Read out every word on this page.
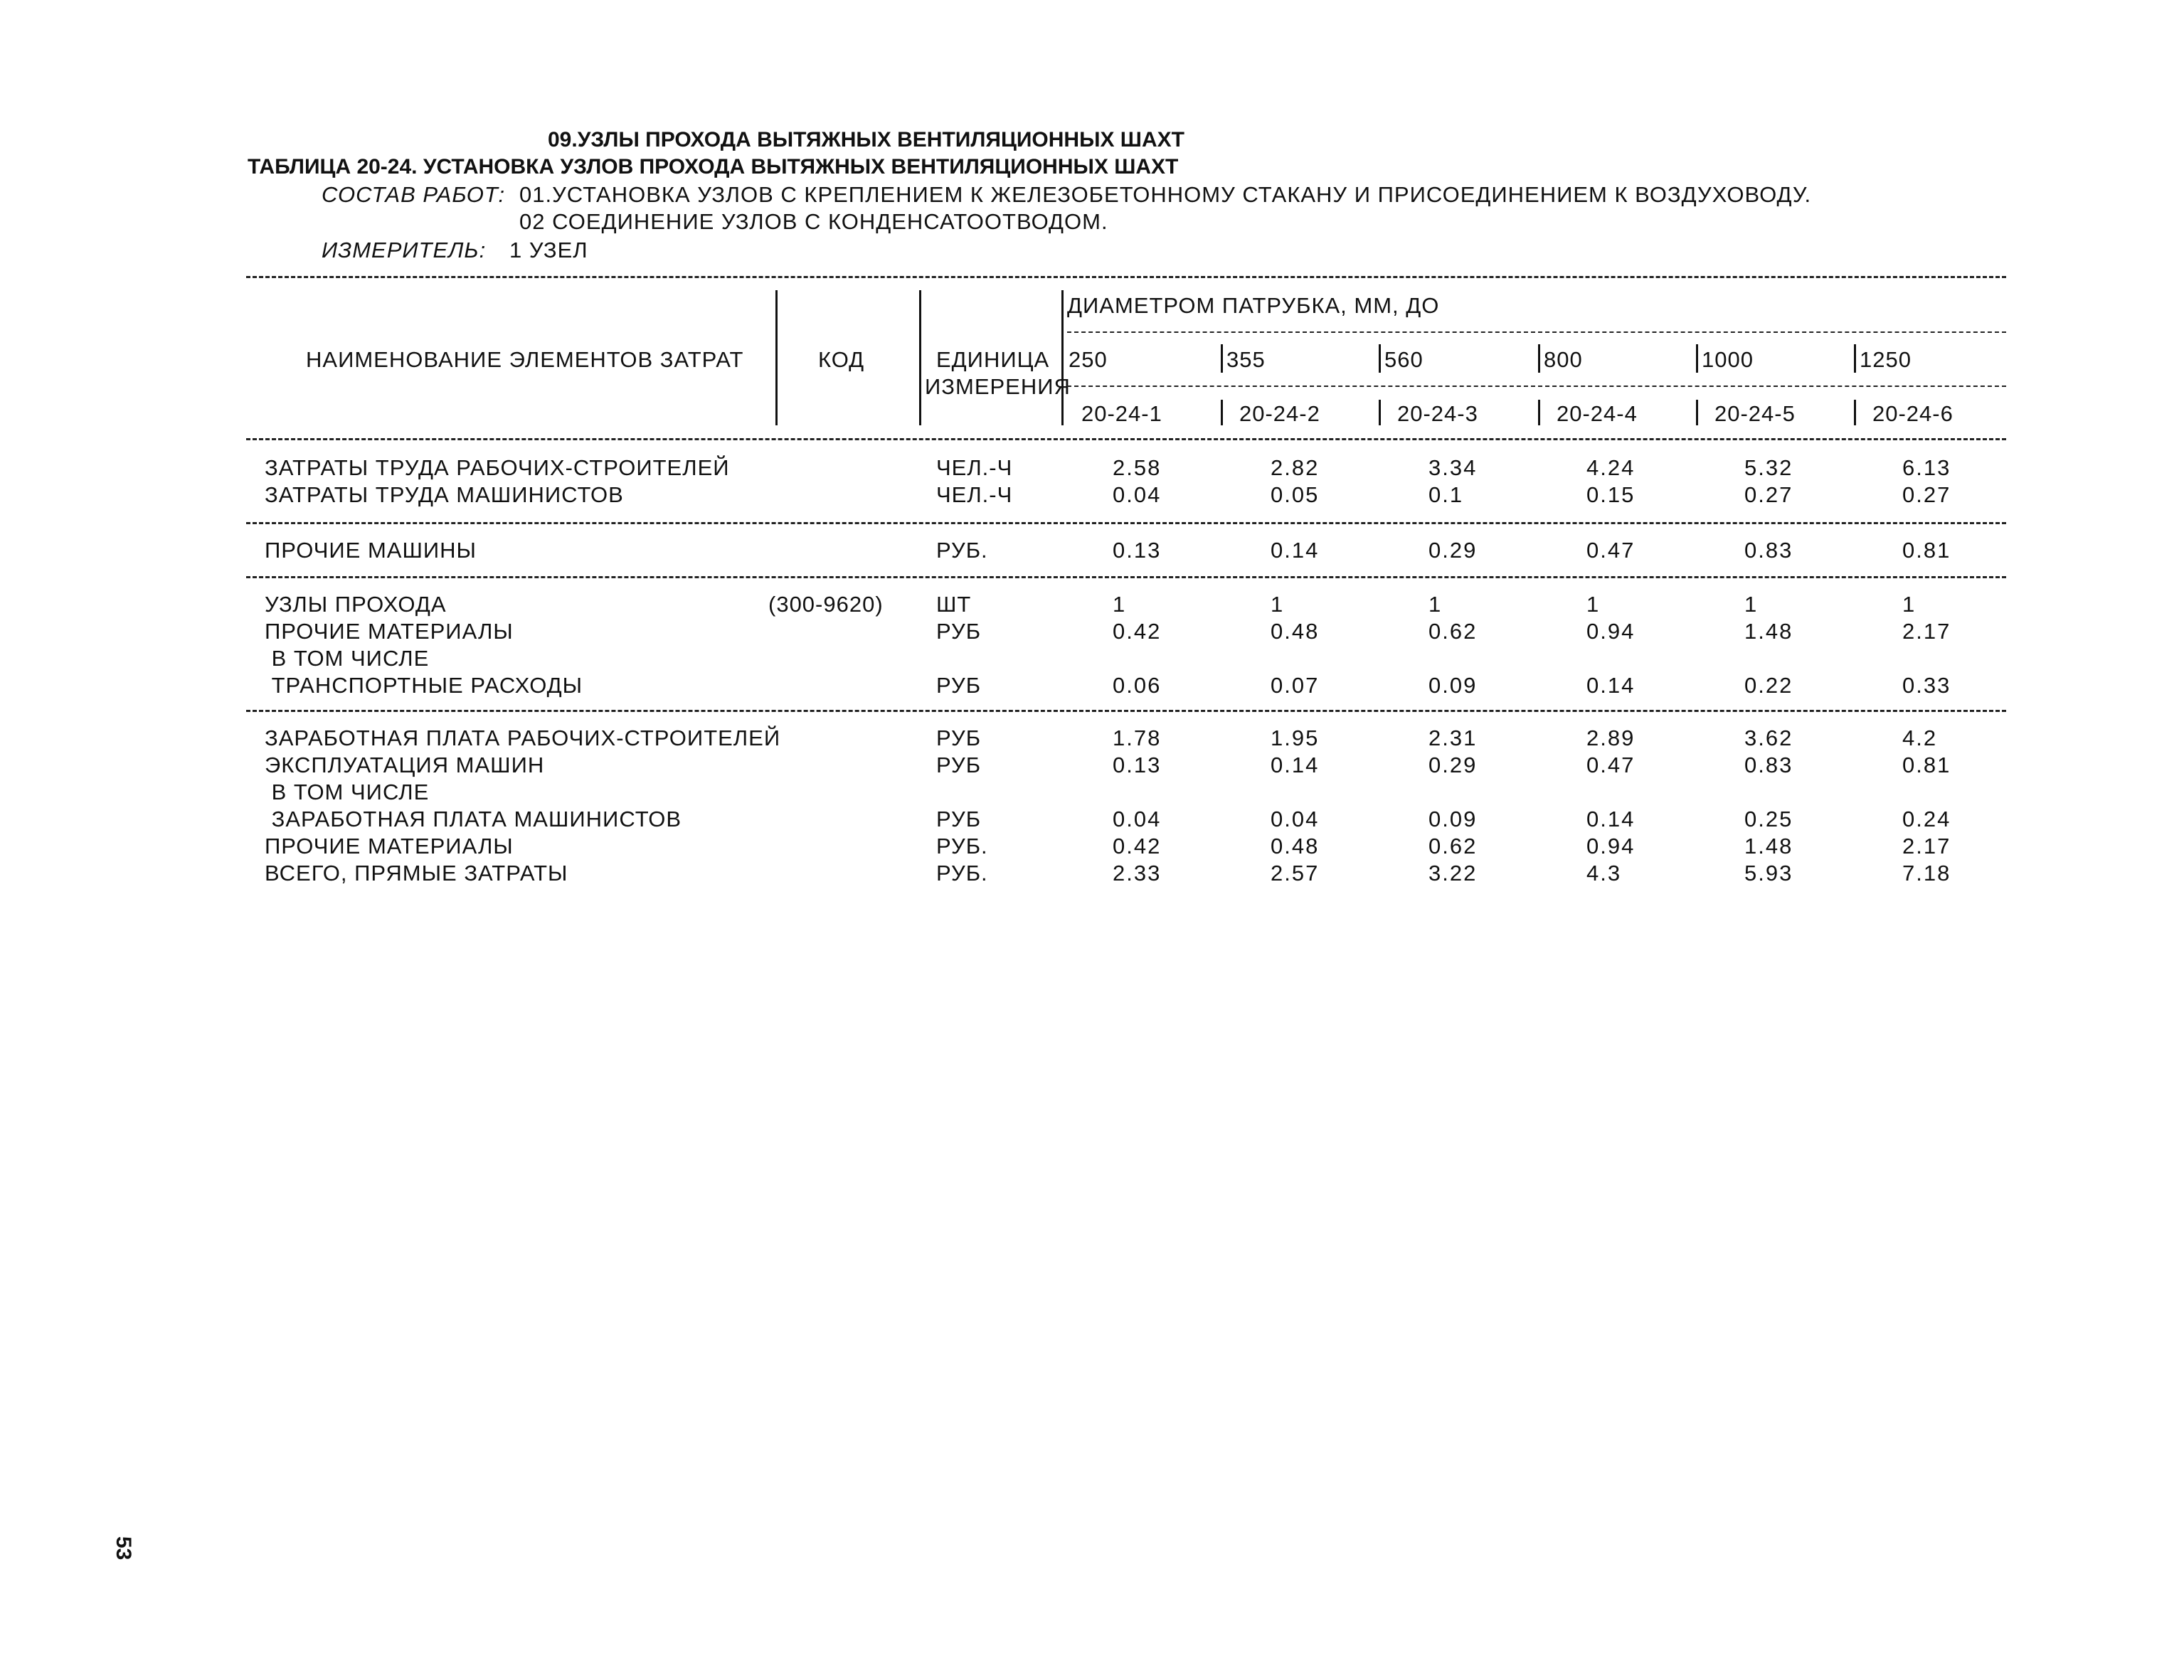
09.УЗЛЫ ПРОХОДА ВЫТЯЖНЫХ ВЕНТИЛЯЦИОННЫХ ШАХТ
ТАБЛИЦА 20-24. УСТАНОВКА УЗЛОВ ПРОХОДА ВЫТЯЖНЫХ ВЕНТИЛЯЦИОННЫХ ШАХТ
СОСТАВ РАБОТ: 01.УСТАНОВКА УЗЛОВ С КРЕПЛЕНИЕМ К ЖЕЛЕЗОБЕТОННОМУ СТАКАНУ И ПРИСОЕДИНЕНИЕМ К ВОЗДУХОВОДУ.
02 СОЕДИНЕНИЕ УЗЛОВ С КОНДЕНСАТООТВОДОМ.
ИЗМЕРИТЕЛЬ: 1 УЗЕЛ
ДИАМЕТРОМ ПАТРУБКА, ММ, ДО
НАИМЕНОВАНИЕ ЭЛЕМЕНТОВ ЗАТРАТ	КОД	ЕДИНИЦА
ИЗМЕРЕНИЯ
250	355	560	800	1000	1250
20-24-1	20-24-2	20-24-3	20-24-4	20-24-5	20-24-6
ЗАТРАТЫ ТРУДА РАБОЧИХ-СТРОИТЕЛЕЙ	ЧЕЛ.-Ч	2.58	2.82	3.34	4.24	5.32	6.13
ЗАТРАТЫ ТРУДА МАШИНИСТОВ	ЧЕЛ.-Ч	0.04	0.05	0.1	0.15	0.27	0.27
ПРОЧИЕ МАШИНЫ	РУБ.	0.13	0.14	0.29	0.47	0.83	0.81
УЗЛЫ ПРОХОДА	(300-9620) ШТ	1	1	1	1	1	1
ПРОЧИЕ МАТЕРИАЛЫ	РУБ	0.42	0.48	0.62	0.94	1.48	2.17
В ТОМ ЧИСЛЕ
ТРАНСПОРТНЫЕ РАСХОДЫ	РУБ	0.06	0.07	0.09	0.14	0.22	0.33
ЗАРАБОТНАЯ ПЛАТА РАБОЧИХ-СТРОИТЕЛЕЙ	РУБ	1.78	1.95	2.31	2.89	3.62	4.2
ЭКСПЛУАТАЦИЯ МАШИН	РУБ	0.13	0.14	0.29	0.47	0.83	0.81
В ТОМ ЧИСЛЕ
ЗАРАБОТНАЯ ПЛАТА МАШИНИСТОВ	РУБ	0.04	0.04	0.09	0.14	0.25	0.24
ПРОЧИЕ МАТЕРИАЛЫ	РУБ.	0.42	0.48	0.62	0.94	1.48	2.17
ВСЕГО, ПРЯМЫЕ ЗАТРАТЫ	РУБ.	2.33	2.57	3.22	4.3	5.93	7.18
53
